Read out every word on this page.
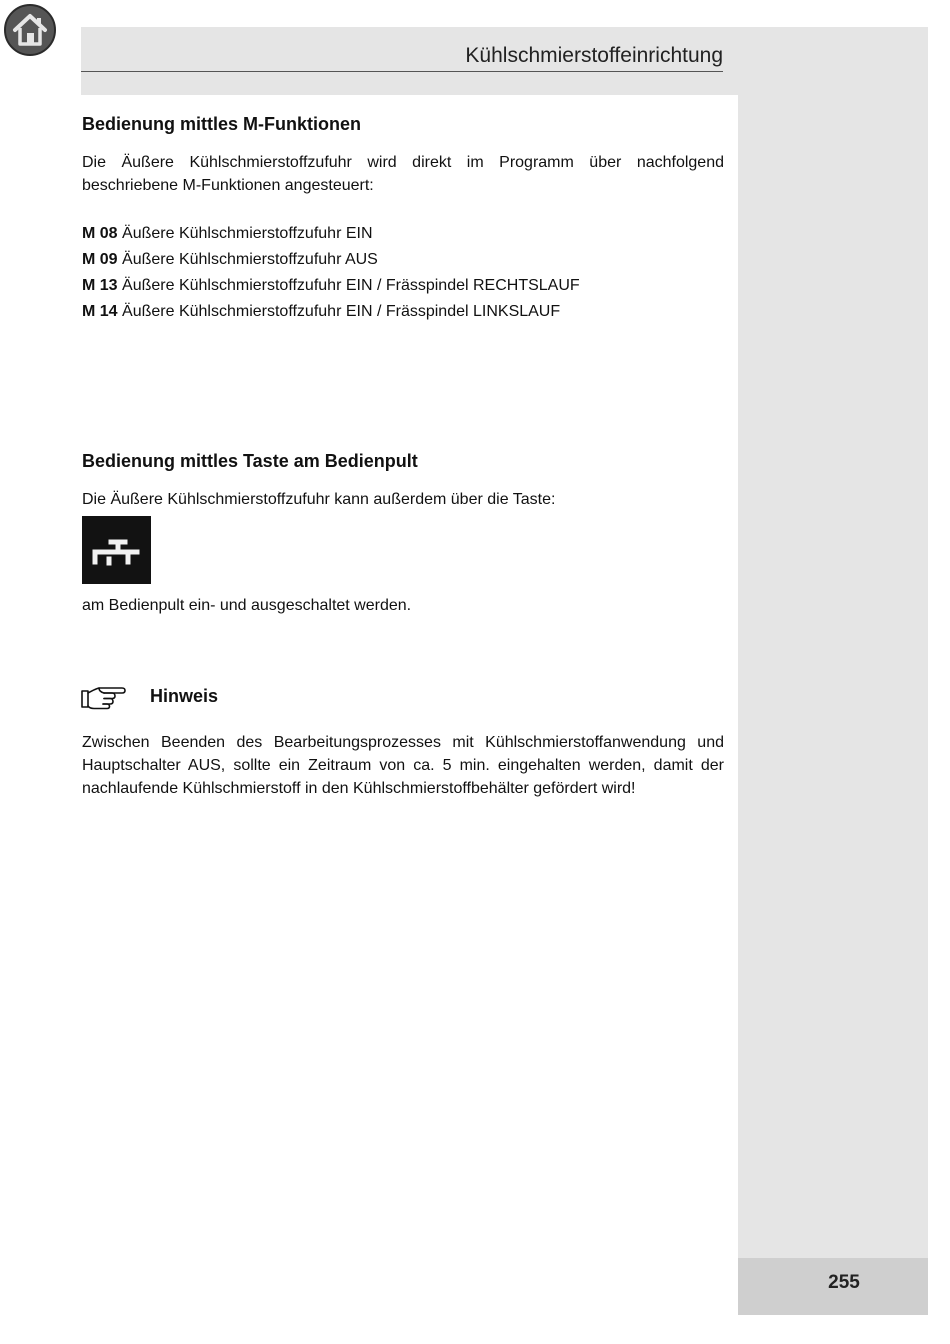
Kühlschmierstoffeinrichtung
Bedienung mittles M-Funktionen

Die Äußere Kühlschmierstoffzufuhr wird direkt im Programm über nachfolgend beschriebene M-Funktionen angesteuert:

M 08 Äußere Kühlschmierstoffzufuhr EIN
M 09 Äußere Kühlschmierstoffzufuhr AUS
M 13 Äußere Kühlschmierstoffzufuhr EIN / Frässpindel RECHTSLAUF
M 14 Äußere Kühlschmierstoffzufuhr EIN / Frässpindel LINKSLAUF
Bedienung mittles Taste am Bedienpult

Die Äußere Kühlschmierstoffzufuhr kann außerdem über die Taste:

am Bedienpult ein- und ausgeschaltet werden.

Hinweis

Zwischen Beenden des Bearbeitungsprozesses mit Kühlschmierstoffanwendung und Hauptschalter AUS, sollte ein Zeitraum von ca. 5 min. eingehalten werden, damit der nachlaufende Kühlschmierstoff in den Kühlschmierstoffbehälter gefördert wird!

255
